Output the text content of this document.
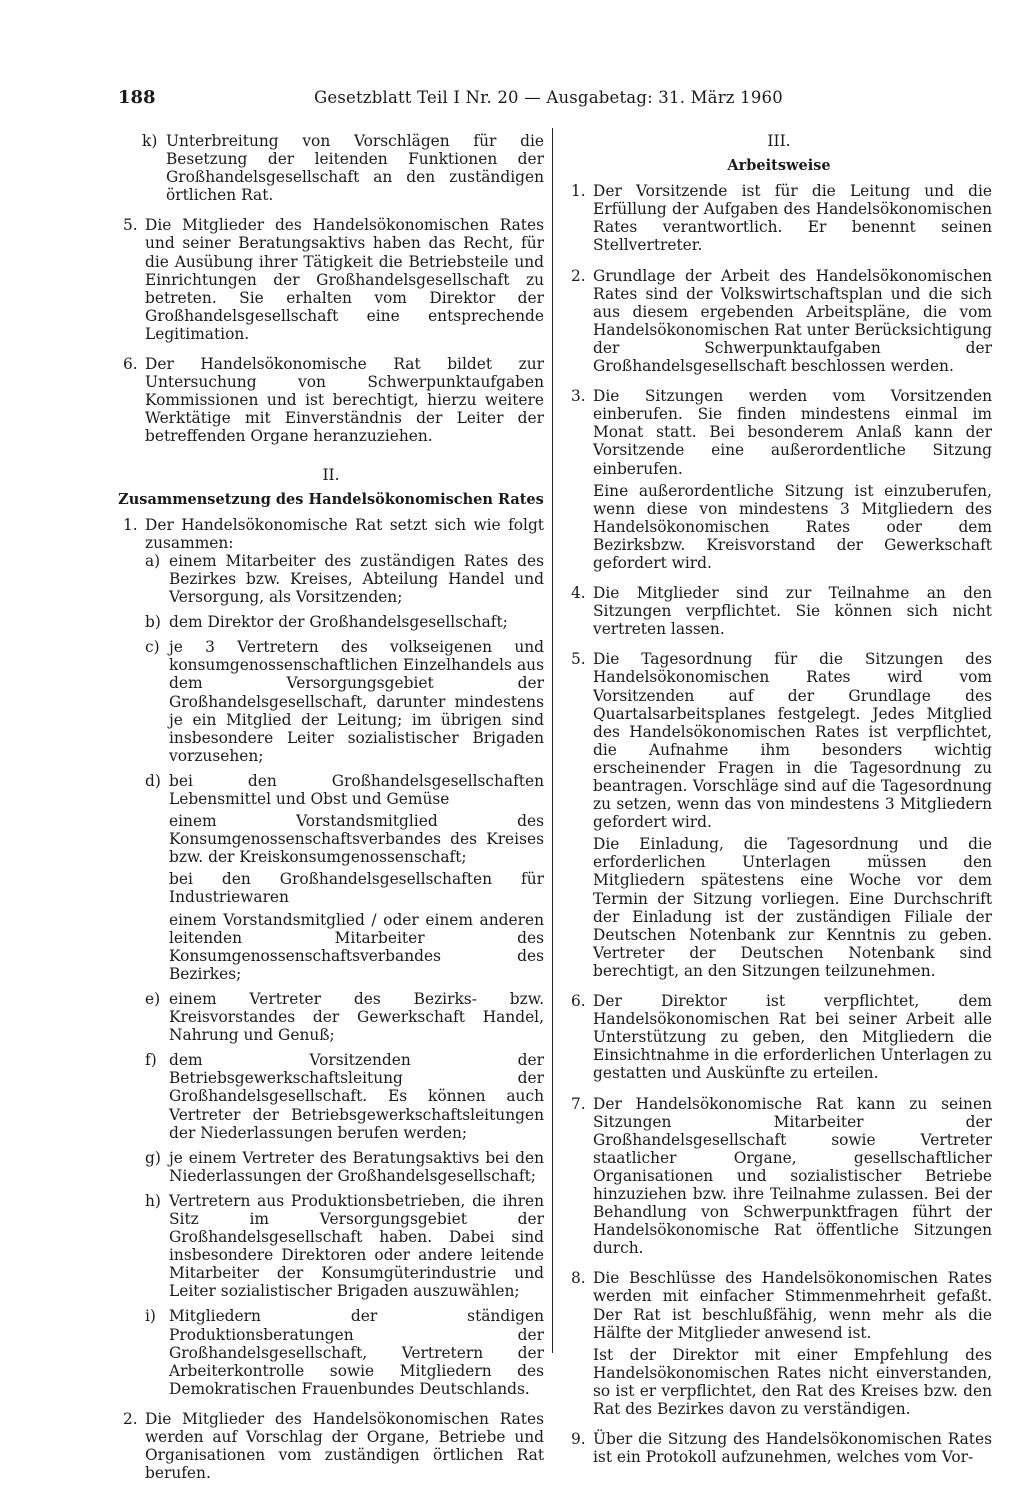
188	Gesetzblatt Teil I Nr. 20 — Ausgabetag: 31. März 1960
k) Unterbreitung von Vorschlägen für die Besetzung der leitenden Funktionen der Großhandelsgesellschaft an den zuständigen örtlichen Rat.

5. Die Mitglieder des Handelsökonomischen Rates und seiner Beratungsaktivs haben das Recht, für die Ausübung ihrer Tätigkeit die Betriebsteile und Einrichtungen der Großhandelsgesellschaft zu betreten. Sie erhalten vom Direktor der Großhandelsgesellschaft eine entsprechende Legitimation.

6. Der Handelsökonomische Rat bildet zur Untersuchung von Schwerpunktaufgaben Kommissionen und ist berechtigt, hierzu weitere Werktätige mit Einverständnis der Leiter der betreffenden Organe heranzuziehen.

II.
Zusammensetzung des Handelsökonomischen Rates
1. Der Handelsökonomische Rat setzt sich wie folgt zusammen:

a) einem Mitarbeiter des zuständigen Rates des Bezirkes bzw. Kreises, Abteilung Handel und Versorgung, als Vorsitzenden;

b) dem Direktor der Großhandelsgesellschaft;

c) je 3 Vertretern des volkseigenen und konsumgenossenschaftlichen Einzelhandels aus dem Versorgungsgebiet der Großhandelsgesellschaft, darunter mindestens je ein Mitglied der Leitung; im übrigen sind insbesondere Leiter sozialistischer Brigaden vorzusehen;

d) bei den Großhandelsgesellschaften Lebensmittel und Obst und Gemüse

einem Vorstandsmitglied des Konsumgenossenschaftsverbandes des Kreises bzw. der Kreiskonsumgenossenschaft;

bei den Großhandelsgesellschaften für Industriewaren

einem Vorstandsmitglied / oder einem anderen leitenden Mitarbeiter des Konsumgenossenschaftsverbandes des Bezirkes;

e) einem Vertreter des Bezirks- bzw. Kreisvorstandes der Gewerkschaft Handel, Nahrung und Genuß;

f) dem Vorsitzenden der Betriebsgewerkschaftsleitung der Großhandelsgesellschaft. Es können auch Vertreter der Betriebsgewerkschaftsleitungen der Niederlassungen berufen werden;

g) je einem Vertreter des Beratungsaktivs bei den Niederlassungen der Großhandelsgesellschaft;

h) Vertretern aus Produktionsbetrieben, die ihren Sitz im Versorgungsgebiet der Großhandelsgesellschaft haben. Dabei sind insbesondere Direktoren oder andere leitende Mitarbeiter der Konsumgüterindustrie und Leiter sozialistischer Brigaden auszuwählen;

i) Mitgliedern der ständigen Produktionsberatungen der Großhandelsgesellschaft, Vertretern der Arbeiterkontrolle sowie Mitgliedern des Demokratischen Frauenbundes Deutschlands.

2. Die Mitglieder des Handelsökonomischen Rates werden auf Vorschlag der Organe, Betriebe und Organisationen vom zuständigen örtlichen Rat berufen.

III.
Arbeitsweise
1. Der Vorsitzende ist für die Leitung und die Erfüllung der Aufgaben des Handelsökonomischen Rates verantwortlich. Er benennt seinen Stellvertreter.

2. Grundlage der Arbeit des Handelsökonomischen Rates sind der Volkswirtschaftsplan und die sich aus diesem ergebenden Arbeitspläne, die vom Handelsökonomischen Rat unter Berücksichtigung der Schwerpunktaufgaben der Großhandelsgesellschaft beschlossen werden.

3. Die Sitzungen werden vom Vorsitzenden einberufen. Sie finden mindestens einmal im Monat statt. Bei besonderem Anlaß kann der Vorsitzende eine außerordentliche Sitzung einberufen.

Eine außerordentliche Sitzung ist einzuberufen, wenn diese von mindestens 3 Mitgliedern des Handelsökonomischen Rates oder dem Bezirksbzw. Kreisvorstand der Gewerkschaft gefordert wird.

4. Die Mitglieder sind zur Teilnahme an den Sitzungen verpflichtet. Sie können sich nicht vertreten lassen.

5. Die Tagesordnung für die Sitzungen des Handelsökonomischen Rates wird vom Vorsitzenden auf der Grundlage des Quartalsarbeitsplanes festgelegt. Jedes Mitglied des Handelsökonomischen Rates ist verpflichtet, die Aufnahme ihm besonders wichtig erscheinender Fragen in die Tagesordnung zu beantragen. Vorschläge sind auf die Tagesordnung zu setzen, wenn das von mindestens 3 Mitgliedern gefordert wird.

Die Einladung, die Tagesordnung und die erforderlichen Unterlagen müssen den Mitgliedern spätestens eine Woche vor dem Termin der Sitzung vorliegen. Eine Durchschrift der Einladung ist der zuständigen Filiale der Deutschen Notenbank zur Kenntnis zu geben. Vertreter der Deutschen Notenbank sind berechtigt, an den Sitzungen teilzunehmen.

6. Der Direktor ist verpflichtet, dem Handelsökonomischen Rat bei seiner Arbeit alle Unterstützung zu geben, den Mitgliedern die Einsichtnahme in die erforderlichen Unterlagen zu gestatten und Auskünfte zu erteilen.

7. Der Handelsökonomische Rat kann zu seinen Sitzungen Mitarbeiter der Großhandelsgesellschaft sowie Vertreter staatlicher Organe, gesellschaftlicher Organisationen und sozialistischer Betriebe hinzuziehen bzw. ihre Teilnahme zulassen. Bei der Behandlung von Schwerpunktfragen führt der Handelsökonomische Rat öffentliche Sitzungen durch.

8. Die Beschlüsse des Handelsökonomischen Rates werden mit einfacher Stimmenmehrheit gefaßt. Der Rat ist beschlußfähig, wenn mehr als die Hälfte der Mitglieder anwesend ist.

Ist der Direktor mit einer Empfehlung des Handelsökonomischen Rates nicht einverstanden, so ist er verpflichtet, den Rat des Kreises bzw. den Rat des Bezirkes davon zu verständigen.

9. Über die Sitzung des Handelsökonomischen Rates ist ein Protokoll aufzunehmen, welches vom Vor-
